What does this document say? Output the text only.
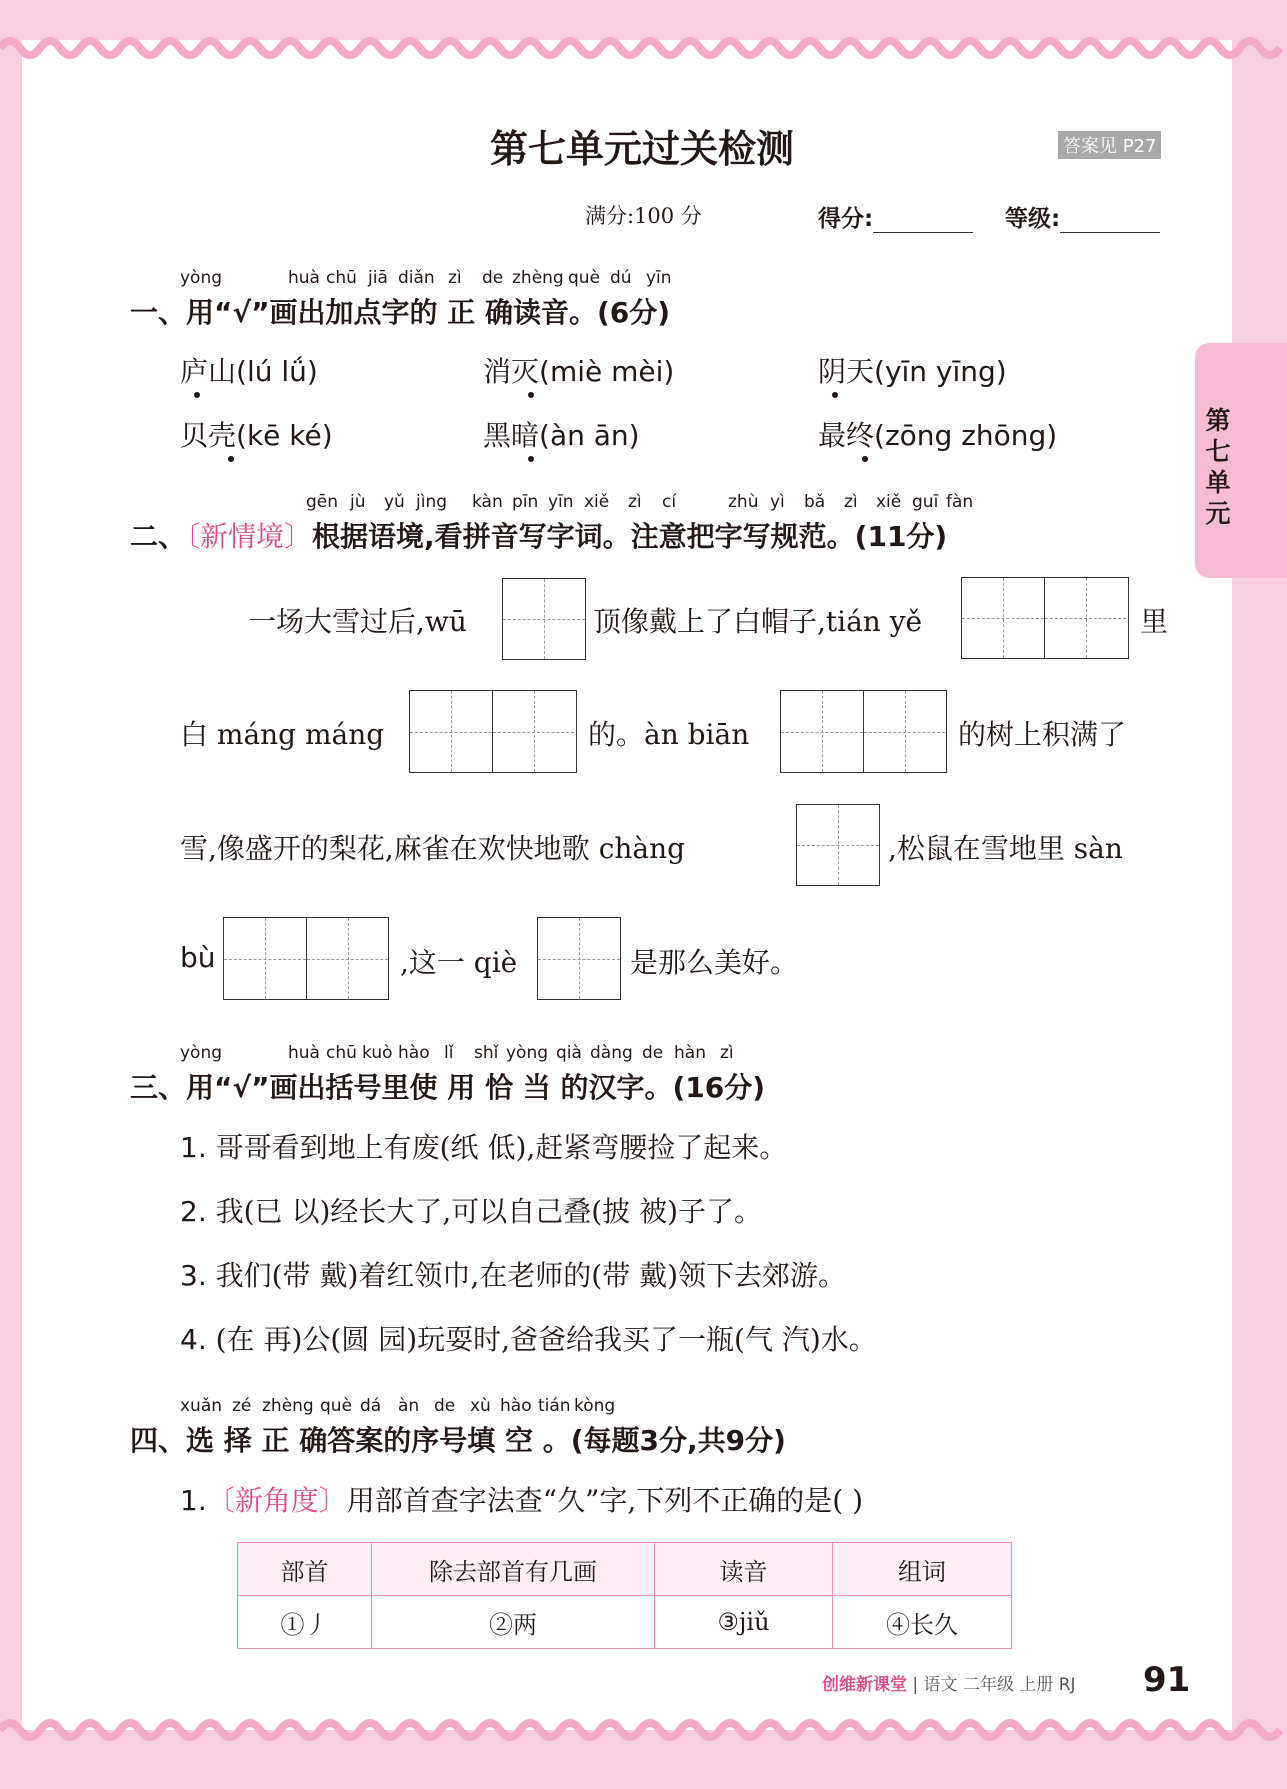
第七单元
第七单元过关检测	答案见 P27
满分:100 分	得分:	等级:
yòng	huà chū jiā diǎn zì de zhèng què dú yīn
一、用“√”画出加点字的 正 确读音。(6分)
庐山(lú lǘ)	消灭(miè mèi)	阴天(yīn yīng)
贝壳(kē ké)	黑暗(àn ān)	最终(zōng zhōng)
gēn jù yǔ jìng kàn pīn yīn xiě zì cí	zhù yì bǎ zì xiě guī fàn
二、〔新情境〕根据语境,看拼音写字词。注意把字写规范。(11分)
一场大雪过后,wū	顶像戴上了白帽子,tián yě	里
白 máng máng	的。àn biān	的树上积满了
雪,像盛开的梨花,麻雀在欢快地歌 chàng	,松鼠在雪地里 sàn
bù	,这一 qiè	是那么美好。
yòng	huà chū kuò hào lǐ shǐ yòng qià dàng de hàn zì
三、用“√”画出括号里使 用 恰 当 的汉字。(16分)
1. 哥哥看到地上有废(纸 低),赶紧弯腰捡了起来。
2. 我(已 以)经长大了,可以自己叠(披 被)子了。
3. 我们(带 戴)着红领巾,在老师的(带 戴)领下去郊游。
4. (在 再)公(圆 园)玩耍时,爸爸给我买了一瓶(气 汽)水。
xuǎn zé zhèng què dá àn de xù hào tián kòng
四、选 择 正 确答案的序号填 空 。(每题3分,共9分)
1.〔新角度〕用部首查字法查“久”字,下列不正确的是( )
部首	除去部首有几画	读音	组词
①丿	②两	③jiǔ	④长久
创维新课堂 | 语文 二年级 上册 RJ 91
